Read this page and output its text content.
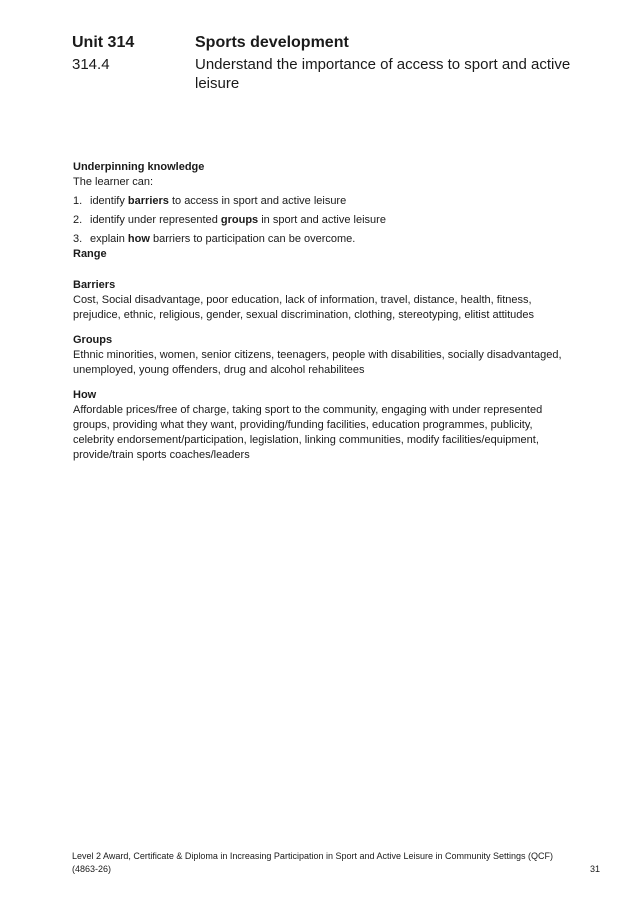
Unit 314	Sports development
314.4	Understand the importance of access to sport and active leisure

Underpinning knowledge

The learner can:

1. identify barriers to access in sport and active leisure
2. identify under represented groups in sport and active leisure
3. explain how barriers to participation can be overcome.

Range

Barriers

Cost, Social disadvantage, poor education, lack of information, travel, distance, health, fitness, prejudice, ethnic, religious, gender, sexual discrimination, clothing, stereotyping, elitist attitudes

Groups

Ethnic minorities, women, senior citizens, teenagers, people with disabilities, socially disadvantaged, unemployed, young offenders, drug and alcohol rehabilitees

How

Affordable prices/free of charge, taking sport to the community, engaging with under represented groups, providing what they want, providing/funding facilities, education programmes, publicity, celebrity endorsement/participation, legislation, linking communities, modify facilities/equipment, provide/train sports coaches/leaders

Level 2 Award, Certificate & Diploma in Increasing Participation in Sport and Active Leisure in Community Settings (QCF) (4863-26)	31
